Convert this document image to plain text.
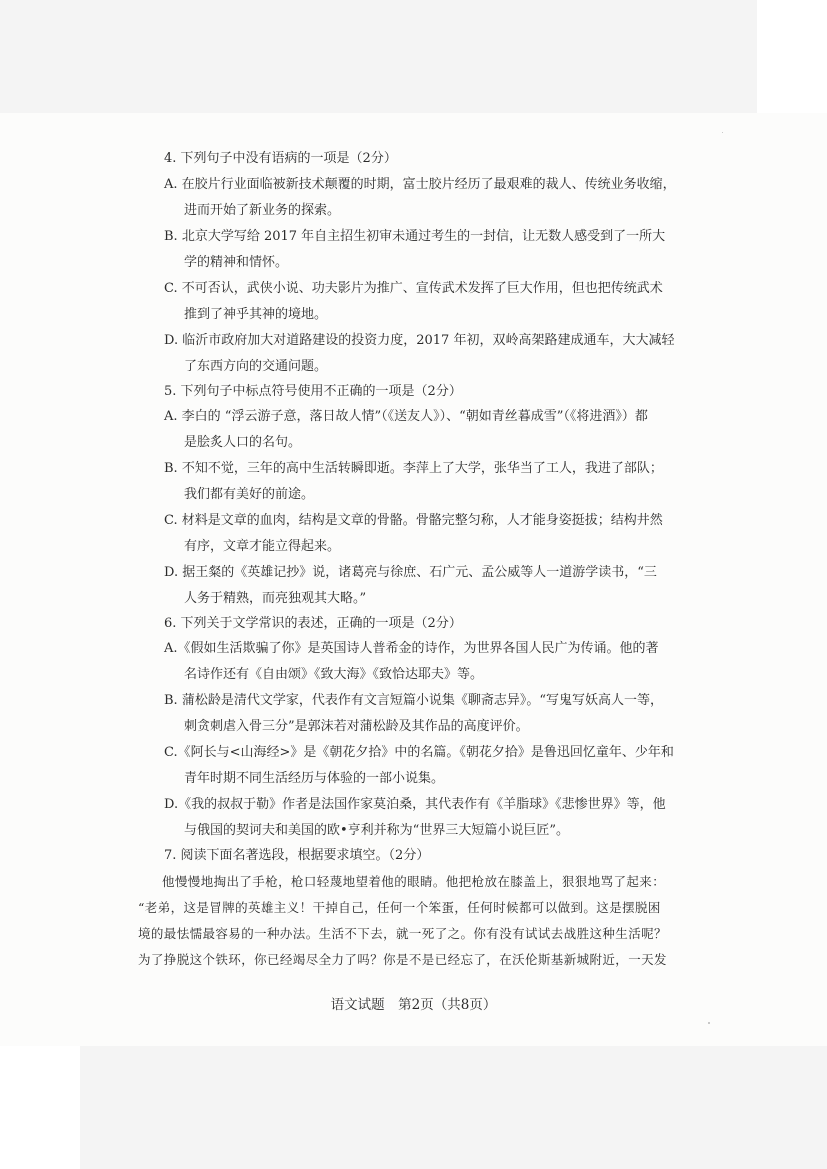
4. 下列句子中没有语病的一项是（2分）

A. 在胶片行业面临被新技术颠覆的时期，富士胶片经历了最艰难的裁人、传统业务收缩，

进而开始了新业务的探索。

B. 北京大学写给 2017 年自主招生初审未通过考生的一封信，让无数人感受到了一所大

学的精神和情怀。

C. 不可否认，武侠小说、功夫影片为推广、宣传武术发挥了巨大作用，但也把传统武术

推到了神乎其神的境地。

D. 临沂市政府加大对道路建设的投资力度，2017 年初，双岭高架路建成通车，大大减轻

了东西方向的交通问题。

5. 下列句子中标点符号使用不正确的一项是（2分）

A. 李白的 “浮云游子意，落日故人情”（《送友人》）、“朝如青丝暮成雪”（《将进酒》）都

是脍炙人口的名句。

B. 不知不觉，三年的高中生活转瞬即逝。李萍上了大学，张华当了工人，我进了部队；

我们都有美好的前途。

C. 材料是文章的血肉，结构是文章的骨骼。骨骼完整匀称，人才能身姿挺拔；结构井然

有序，文章才能立得起来。

D. 据王粲的《英雄记抄》说，诸葛亮与徐庶、石广元、孟公威等人一道游学读书，“三

人务于精熟，而亮独观其大略。”

6. 下列关于文学常识的表述，正确的一项是（2分）

A.《假如生活欺骗了你》是英国诗人普希金的诗作，为世界各国人民广为传诵。他的著

名诗作还有《自由颂》《致大海》《致恰达耶夫》等。

B. 蒲松龄是清代文学家，代表作有文言短篇小说集《聊斋志异》。“写鬼写妖高人一等，

刺贪刺虐入骨三分”是郭沫若对蒲松龄及其作品的高度评价。

C.《阿长与<山海经>》是《朝花夕拾》中的名篇。《朝花夕拾》是鲁迅回忆童年、少年和

青年时期不同生活经历与体验的一部小说集。

D.《我的叔叔于勒》作者是法国作家莫泊桑，其代表作有《羊脂球》《悲惨世界》等，他

与俄国的契诃夫和美国的欧•亨利并称为“世界三大短篇小说巨匠”。

7. 阅读下面名著选段，根据要求填空。（2分）

他慢慢地掏出了手枪，枪口轻蔑地望着他的眼睛。他把枪放在膝盖上，狠狠地骂了起来：

“老弟，这是冒牌的英雄主义！干掉自己，任何一个笨蛋，任何时候都可以做到。这是摆脱困

境的最怯懦最容易的一种办法。生活不下去，就一死了之。你有没有试试去战胜这种生活呢？

为了挣脱这个铁环，你已经竭尽全力了吗？你是不是已经忘了，在沃伦斯基新城附近，一天发

语文试题　第2页（共8页）
